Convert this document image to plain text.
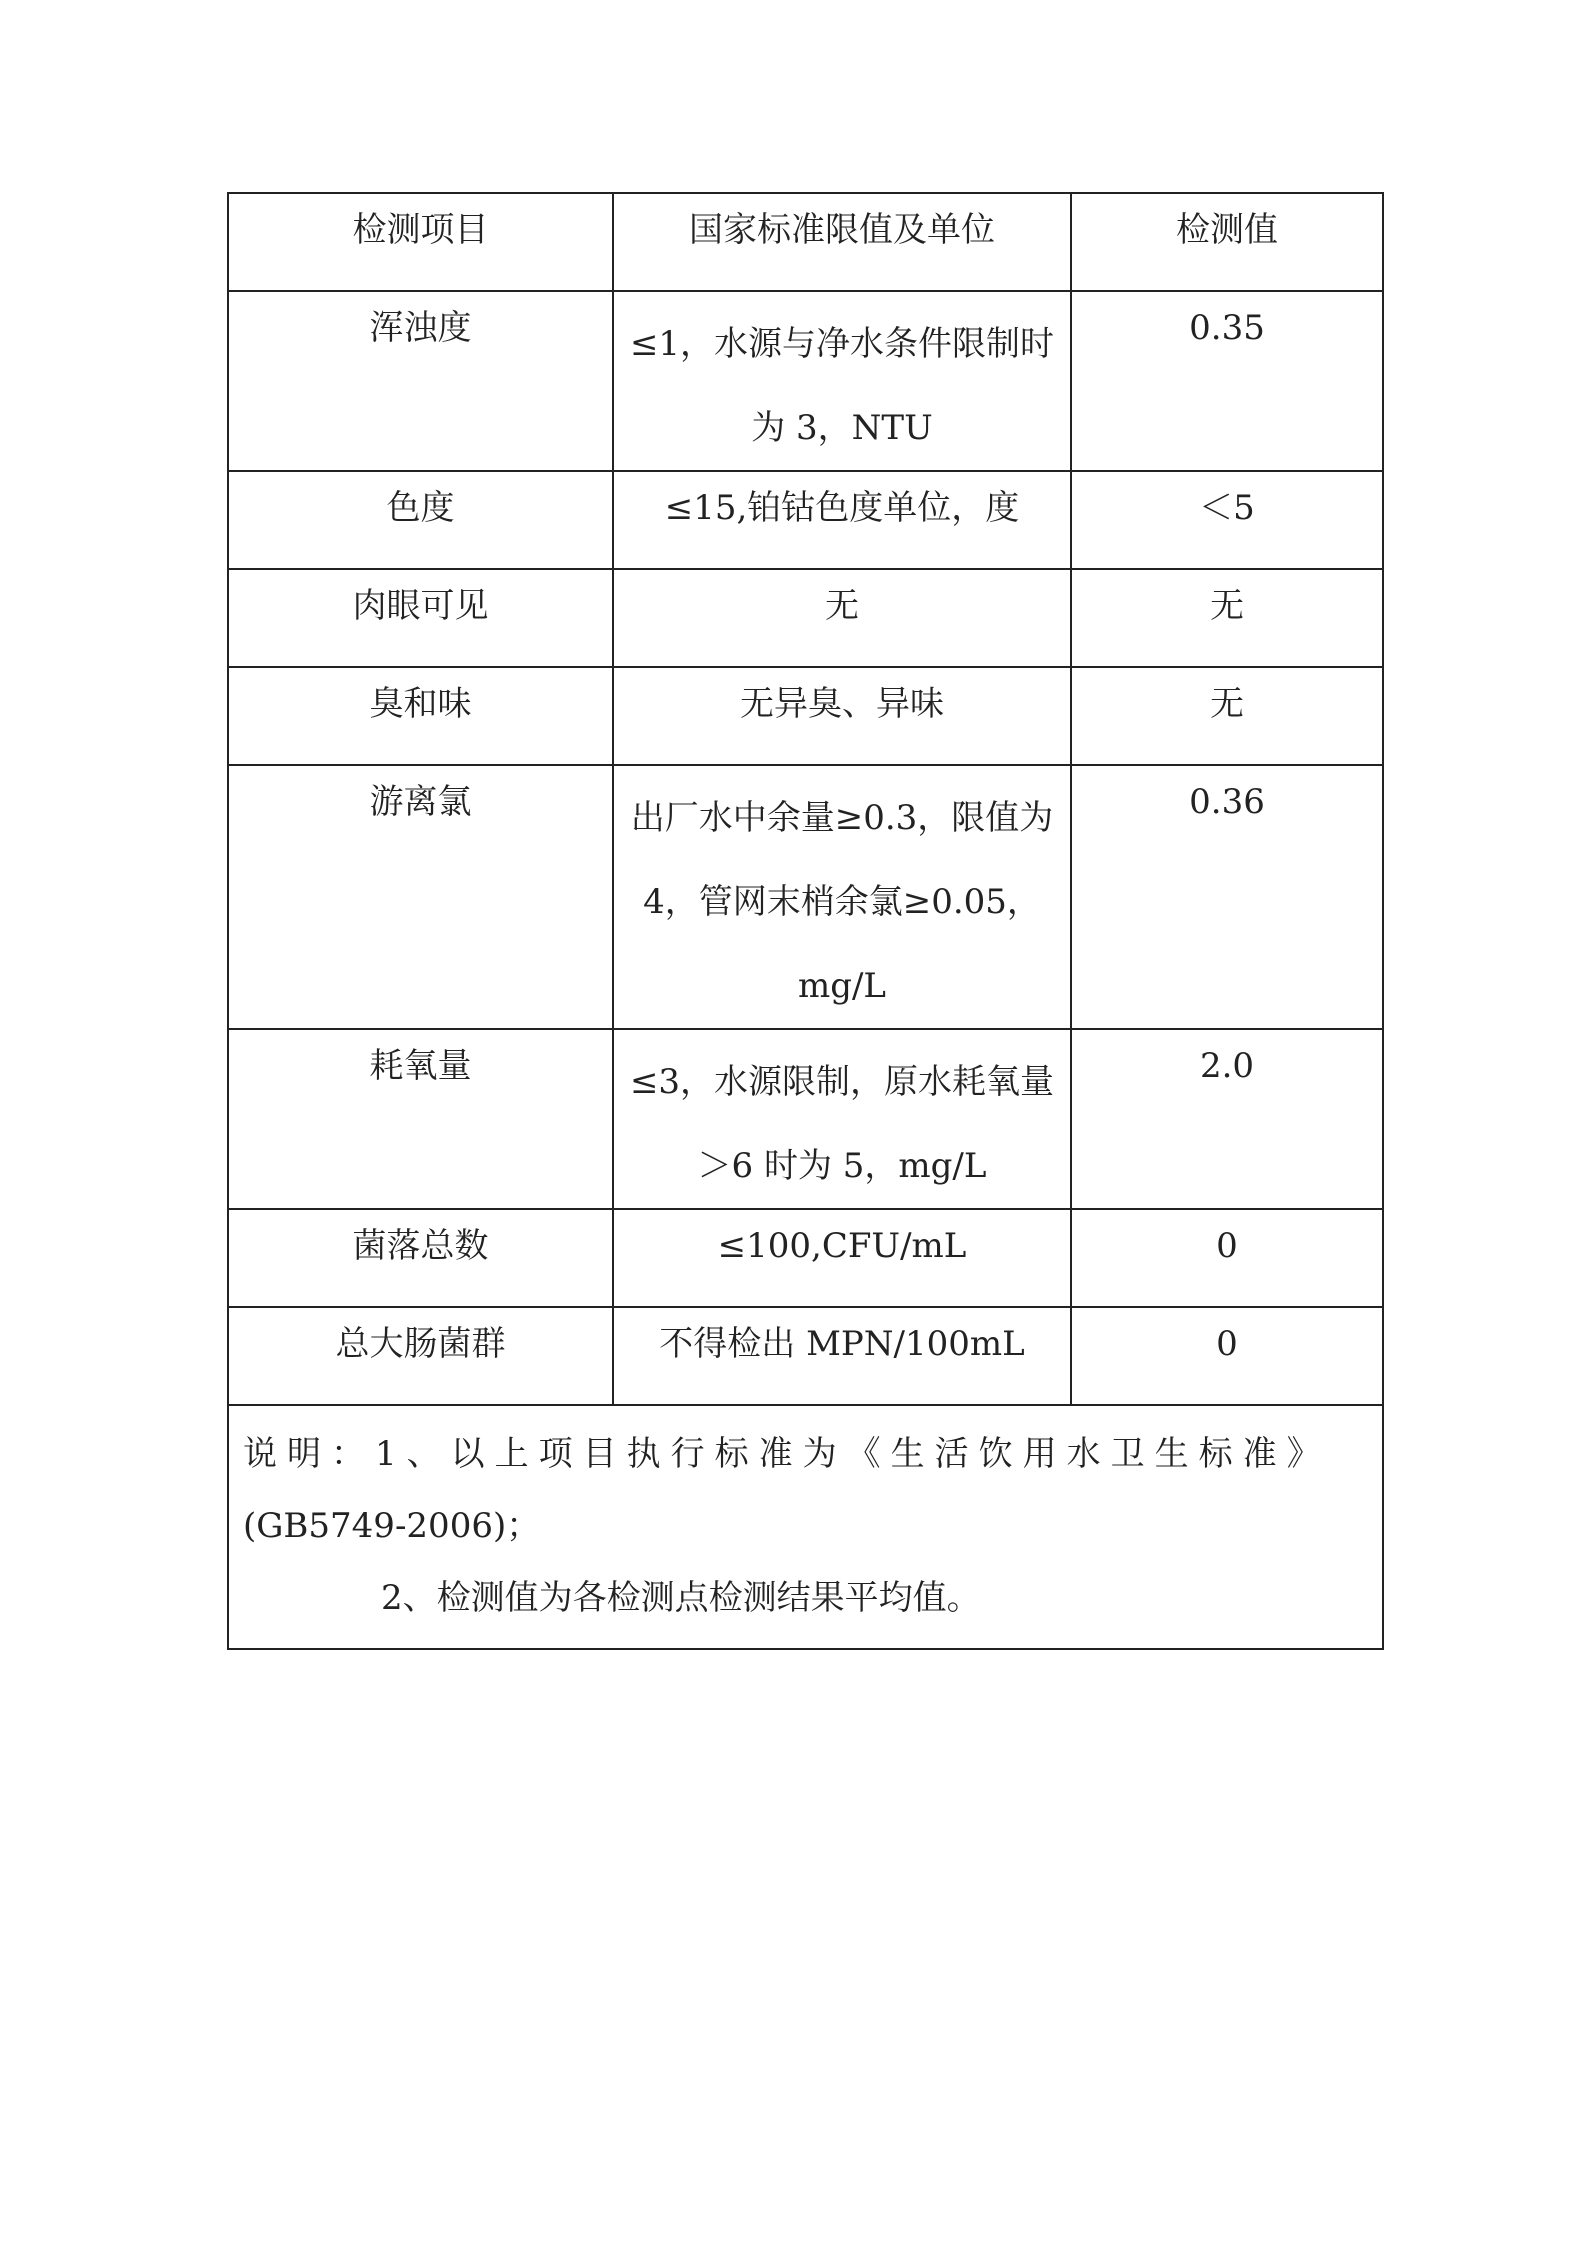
检测项目	国家标准限值及单位	检测值
浑浊度	≤1，水源与净水条件限制时为 3，NTU	0.35
色度	≤15,铂钴色度单位，度	＜5
肉眼可见	无	无
臭和味	无异臭、异味	无
游离氯	出厂水中余量≥0.3，限值为 4，管网末梢余氯≥0.05，mg/L	0.36
耗氧量	≤3，水源限制，原水耗氧量＞6 时为 5，mg/L	2.0
菌落总数	≤100,CFU/mL	0
总大肠菌群	不得检出 MPN/100mL	0

说明：1、以上项目执行标准为《生活饮用水卫生标准》
(GB5749-2006)；
2、检测值为各检测点检测结果平均值。		
